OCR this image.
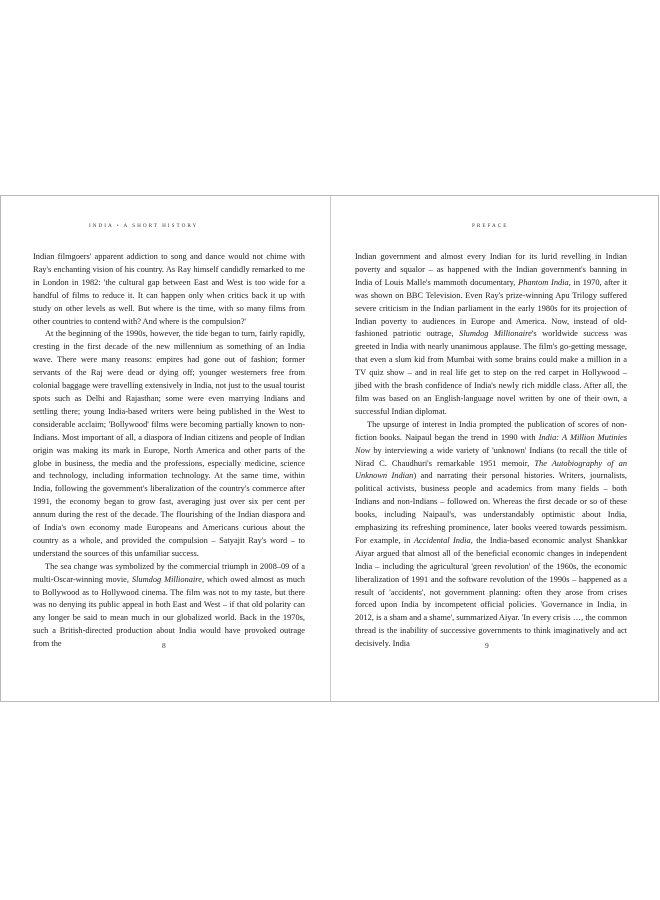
INDIA • A SHORT HISTORY

Indian filmgoers' apparent addiction to song and dance would not chime with Ray's enchanting vision of his country. As Ray himself candidly remarked to me in London in 1982: 'the cultural gap between East and West is too wide for a handful of films to reduce it. It can happen only when critics back it up with study on other levels as well. But where is the time, with so many films from other countries to contend with? And where is the compulsion?'

At the beginning of the 1990s, however, the tide began to turn, fairly rapidly, cresting in the first decade of the new millennium as something of an India wave. There were many reasons: empires had gone out of fashion; former servants of the Raj were dead or dying off; younger westerners free from colonial baggage were travelling extensively in India, not just to the usual tourist spots such as Delhi and Rajasthan; some were even marrying Indians and settling there; young India-based writers were being published in the West to considerable acclaim; 'Bollywood' films were becoming partially known to non-Indians. Most important of all, a diaspora of Indian citizens and people of Indian origin was making its mark in Europe, North America and other parts of the globe in business, the media and the professions, especially medicine, science and technology, including information technology. At the same time, within India, following the government's liberalization of the country's commerce after 1991, the economy began to grow fast, averaging just over six per cent per annum during the rest of the decade. The flourishing of the Indian diaspora and of India's own economy made Europeans and Americans curious about the country as a whole, and provided the compulsion – Satyajit Ray's word – to understand the sources of this unfamiliar success.

The sea change was symbolized by the commercial triumph in 2008–09 of a multi-Oscar-winning movie, Slumdog Millionaire, which owed almost as much to Bollywood as to Hollywood cinema. The film was not to my taste, but there was no denying its public appeal in both East and West – if that old polarity can any longer be said to mean much in our globalized world. Back in the 1970s, such a British-directed production about India would have provoked outrage from the	8
PREFACE

Indian government and almost every Indian for its lurid revelling in Indian poverty and squalor – as happened with the Indian government's banning in India of Louis Malle's mammoth documentary, Phantom India, in 1970, after it was shown on BBC Television. Even Ray's prize-winning Apu Trilogy suffered severe criticism in the Indian parliament in the early 1980s for its projection of Indian poverty to audiences in Europe and America. Now, instead of old-fashioned patriotic outrage, Slumdog Millionaire's worldwide success was greeted in India with nearly unanimous applause. The film's go-getting message, that even a slum kid from Mumbai with some brains could make a million in a TV quiz show – and in real life get to step on the red carpet in Hollywood – jibed with the brash confidence of India's newly rich middle class. After all, the film was based on an English-language novel written by one of their own, a successful Indian diplomat.

The upsurge of interest in India prompted the publication of scores of non-fiction books. Naipaul began the trend in 1990 with India: A Million Mutinies Now by interviewing a wide variety of 'unknown' Indians (to recall the title of Nirad C. Chaudhuri's remarkable 1951 memoir, The Autobiography of an Unknown Indian) and narrating their personal histories. Writers, journalists, political activists, business people and academics from many fields – both Indians and non-Indians – followed on. Whereas the first decade or so of these books, including Naipaul's, was understandably optimistic about India, emphasizing its refreshing prominence, later books veered towards pessimism. For example, in Accidental India, the India-based economic analyst Shankkar Aiyar argued that almost all of the beneficial economic changes in independent India – including the agricultural 'green revolution' of the 1960s, the economic liberalization of 1991 and the software revolution of the 1990s – happened as a result of 'accidents', not government planning: often they arose from crises forced upon India by incompetent official policies. 'Governance in India, in 2012, is a sham and a shame', summarized Aiyar. 'In every crisis …, the common thread is the inability of successive governments to think imaginatively and act decisively. India	9
